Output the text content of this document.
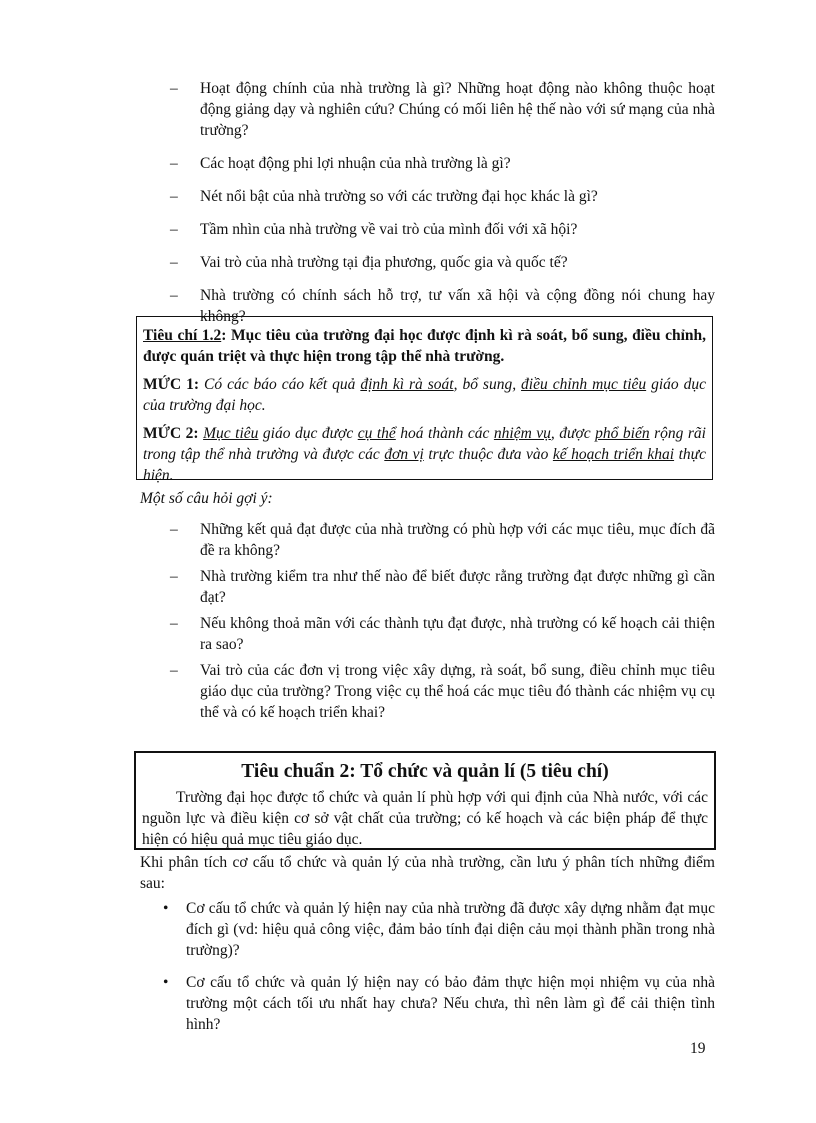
– Hoạt động chính của nhà trường là gì? Những hoạt động nào không thuộc hoạt động giảng dạy và nghiên cứu? Chúng có mối liên hệ thế nào với sứ mạng của nhà trường?
– Các hoạt động phi lợi nhuận của nhà trường là gì?
– Nét nổi bật của nhà trường so với các trường đại học khác là gì?
– Tầm nhìn của nhà trường về vai trò của mình đối với xã hội?
– Vai trò của nhà trường tại địa phương, quốc gia và quốc tế?
– Nhà trường có chính sách hỗ trợ, tư vấn xã hội và cộng đồng nói chung hay không?

Tiêu chí 1.2: Mục tiêu của trường đại học được định kì rà soát, bổ sung, điều chỉnh, được quán triệt và thực hiện trong tập thể nhà trường.

MỨC 1: Có các báo cáo kết quả định kì rà soát, bổ sung, điều chỉnh mục tiêu giáo dục của trường đại học.

MỨC 2: Mục tiêu giáo dục được cụ thể hoá thành các nhiệm vụ, được phổ biến rộng rãi trong tập thể nhà trường và được các đơn vị trực thuộc đưa vào kế hoạch triển khai thực hiện.

Một số câu hỏi gợi ý:
– Những kết quả đạt được của nhà trường có phù hợp với các mục tiêu, mục đích đã đề ra không?
– Nhà trường kiểm tra như thế nào để biết được rằng trường đạt được những gì cần đạt?
– Nếu không thoả mãn với các thành tựu đạt được, nhà trường có kế hoạch cải thiện ra sao?
– Vai trò của các đơn vị trong việc xây dựng, rà soát, bổ sung, điều chỉnh mục tiêu giáo dục của trường? Trong việc cụ thể hoá các mục tiêu đó thành các nhiệm vụ cụ thể và có kế hoạch triển khai?
Tiêu chuẩn 2: Tổ chức và quản lí (5 tiêu chí)
Trường đại học được tổ chức và quản lí phù hợp với qui định của Nhà nước, với các nguồn lực và điều kiện cơ sở vật chất của trường; có kế hoạch và các biện pháp để thực hiện có hiệu quả mục tiêu giáo dục.
Khi phân tích cơ cấu tổ chức và quản lý của nhà trường, cần lưu ý phân tích những điểm sau:
• Cơ cấu tổ chức và quản lý hiện nay của nhà trường đã được xây dựng nhằm đạt mục đích gì (vd: hiệu quả công việc, đảm bảo tính đại diện cảu mọi thành phần trong nhà trường)?
• Cơ cấu tổ chức và quản lý hiện nay có bảo đảm thực hiện mọi nhiệm vụ của nhà trường một cách tối ưu nhất hay chưa? Nếu chưa, thì nên làm gì để cải thiện tình hình?
19
